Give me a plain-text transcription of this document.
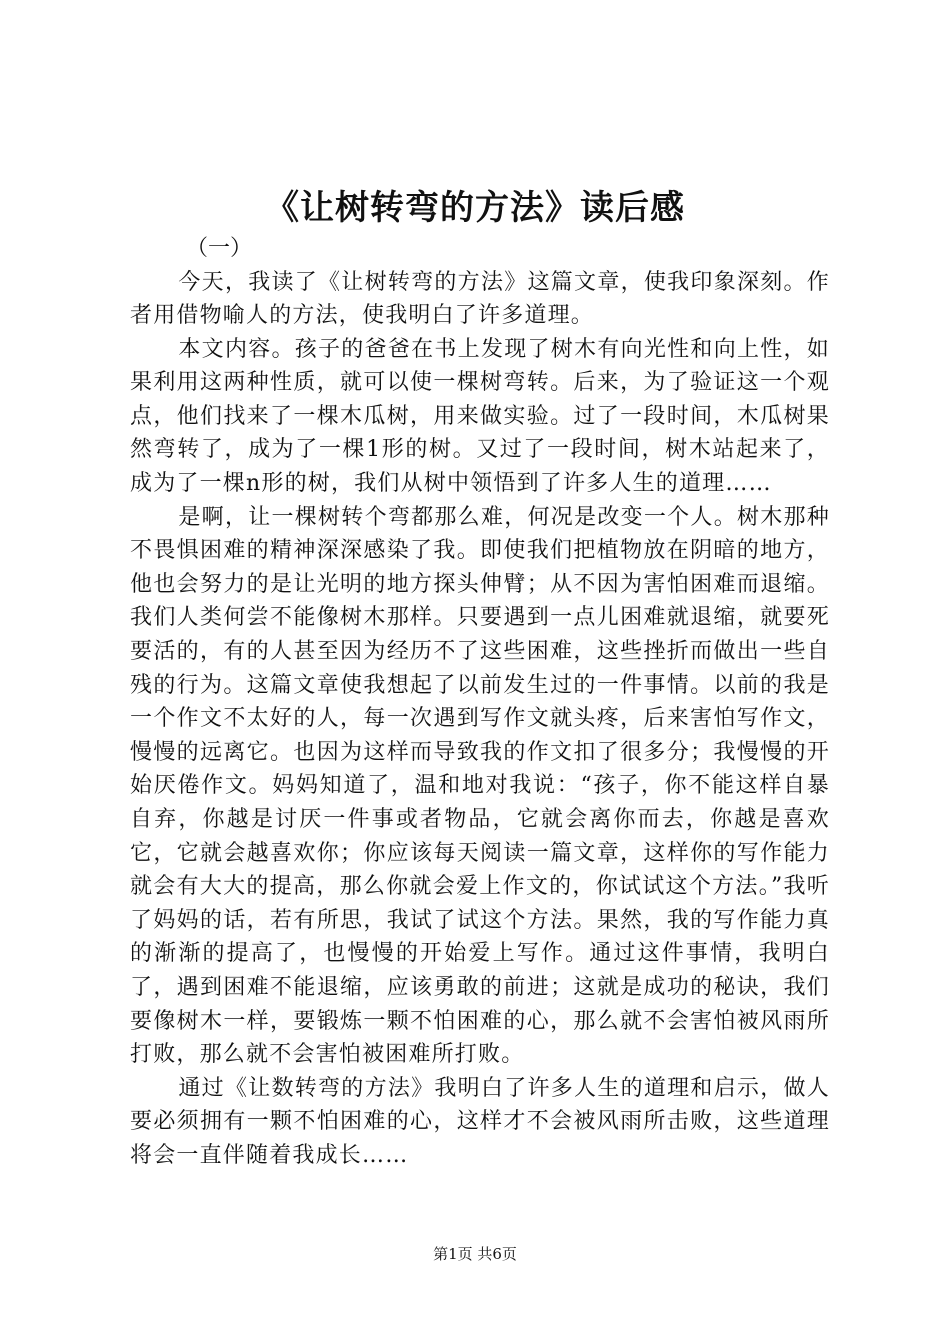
《让树转弯的方法》读后感

（一）

今天，我读了《让树转弯的方法》这篇文章，使我印象深刻。作者用借物喻人的方法，使我明白了许多道理。

本文内容。孩子的爸爸在书上发现了树木有向光性和向上性，如果利用这两种性质，就可以使一棵树弯转。后来，为了验证这一个观点，他们找来了一棵木瓜树，用来做实验。过了一段时间，木瓜树果然弯转了，成为了一棵1形的树。又过了一段时间，树木站起来了，成为了一棵n形的树，我们从树中领悟到了许多人生的道理……

是啊，让一棵树转个弯都那么难，何况是改变一个人。树木那种不畏惧困难的精神深深感染了我。即使我们把植物放在阴暗的地方，他也会努力的是让光明的地方探头伸臂；从不因为害怕困难而退缩。我们人类何尝不能像树木那样。只要遇到一点儿困难就退缩，就要死要活的，有的人甚至因为经历不了这些困难，这些挫折而做出一些自残的行为。这篇文章使我想起了以前发生过的一件事情。以前的我是一个作文不太好的人，每一次遇到写作文就头疼，后来害怕写作文，慢慢的远离它。也因为这样而导致我的作文扣了很多分；我慢慢的开始厌倦作文。妈妈知道了，温和地对我说：“孩子，你不能这样自暴自弃，你越是讨厌一件事或者物品，它就会离你而去，你越是喜欢它，它就会越喜欢你；你应该每天阅读一篇文章，这样你的写作能力就会有大大的提高，那么你就会爱上作文的，你试试这个方法。”我听了妈妈的话，若有所思，我试了试这个方法。果然，我的写作能力真的渐渐的提高了，也慢慢的开始爱上写作。通过这件事情，我明白了，遇到困难不能退缩，应该勇敢的前进；这就是成功的秘诀，我们要像树木一样，要锻炼一颗不怕困难的心，那么就不会害怕被风雨所打败，那么就不会害怕被困难所打败。

通过《让数转弯的方法》我明白了许多人生的道理和启示，做人要必须拥有一颗不怕困难的心，这样才不会被风雨所击败，这些道理将会一直伴随着我成长……

第1页 共6页
